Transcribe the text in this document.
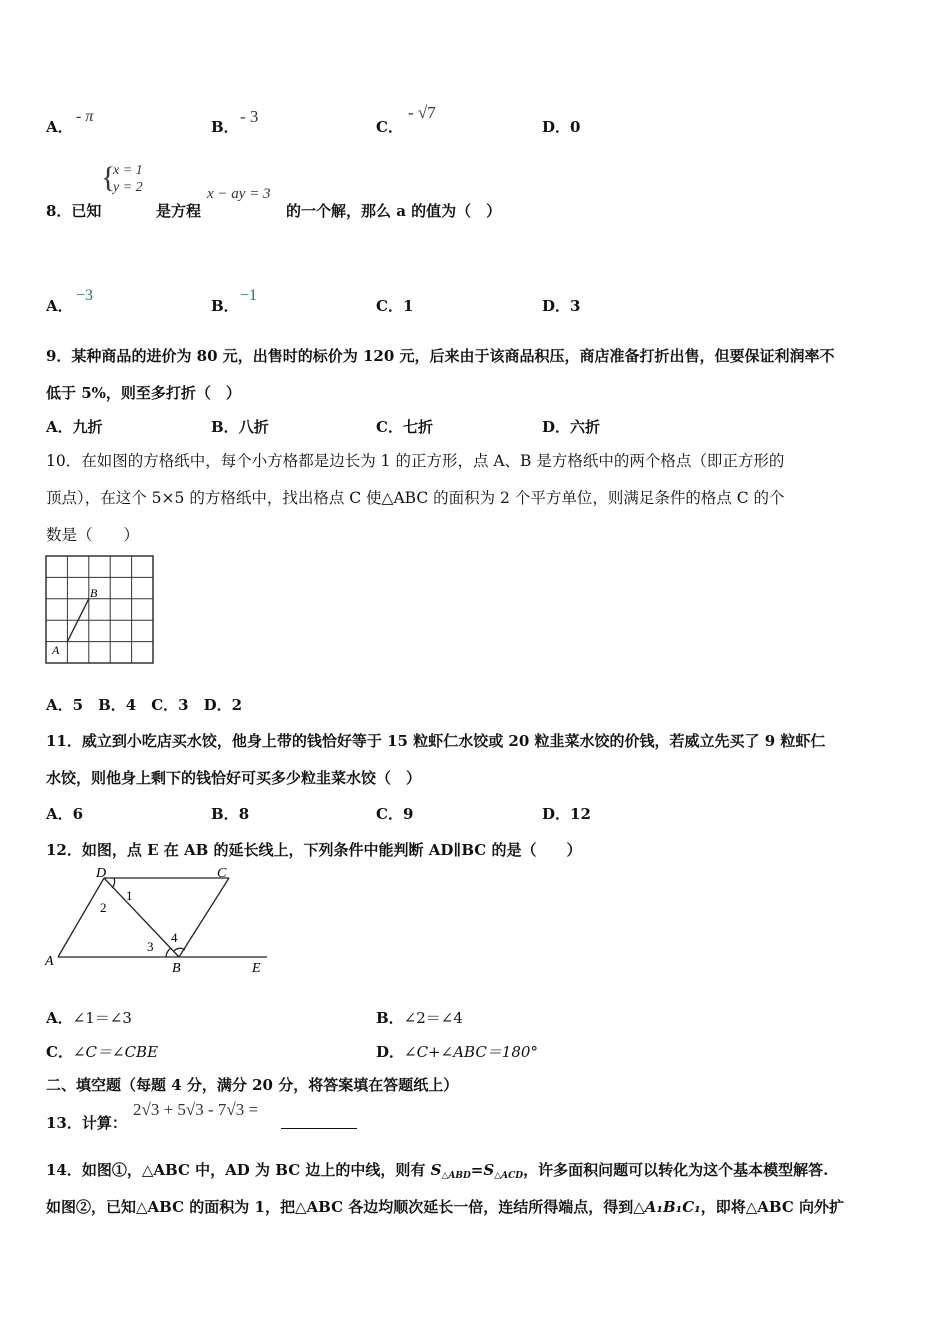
A．
- π
B．
- 3
C．
- √7
D．0
{
x = 1
y = 2
8．已知	是方程
x − ay = 3
的一个解，那么 a 的值为（　）
A．
−3
B．
−1
C．1	D．3
9．某种商品的进价为 80 元，出售时的标价为 120 元，后来由于该商品积压，商店准备打折出售，但要保证利润率不
低于 5%，则至多打折（　）
A．九折	B．八折	C．七折	D．六折
10．在如图的方格纸中，每个小方格都是边长为 1 的正方形，点 A、B 是方格纸中的两个格点（即正方形的
顶点），在这个 5×5 的方格纸中，找出格点 C 使△ABC 的面积为 2 个平方单位，则满足条件的格点 C 的个
数是（　　）
B
A
A．5　B．4　C．3　D．2
11．威立到小吃店买水饺，他身上带的钱恰好等于 15 粒虾仁水饺或 20 粒韭菜水饺的价钱，若威立先买了 9 粒虾仁
水饺，则他身上剩下的钱恰好可买多少粒韭菜水饺（　）
A．6	B．8	C．9	D．12
12．如图，点 E 在 AB 的延长线上，下列条件中能判断 AD∥BC 的是（　　）
D	C
A	B	E
1
2
3
4
A．∠1＝∠3	B．∠2＝∠4
C．∠C＝∠CBE	D．∠C+∠ABC＝180°
二、填空题（每题 4 分，满分 20 分，将答案填在答题纸上）
13．计算：
2√3 + 5√3 - 7√3 =
14．如图①，△ABC 中，AD 为 BC 边上的中线，则有 $S_{\triangle ABD}=S_{\triangle ACD}$，许多面积问题可以转化为这个基本模型解答.
如图②，已知△ABC 的面积为 1，把△ABC 各边均顺次延长一倍，连结所得端点，得到△A₁B₁C₁，即将△ABC 向外扩
